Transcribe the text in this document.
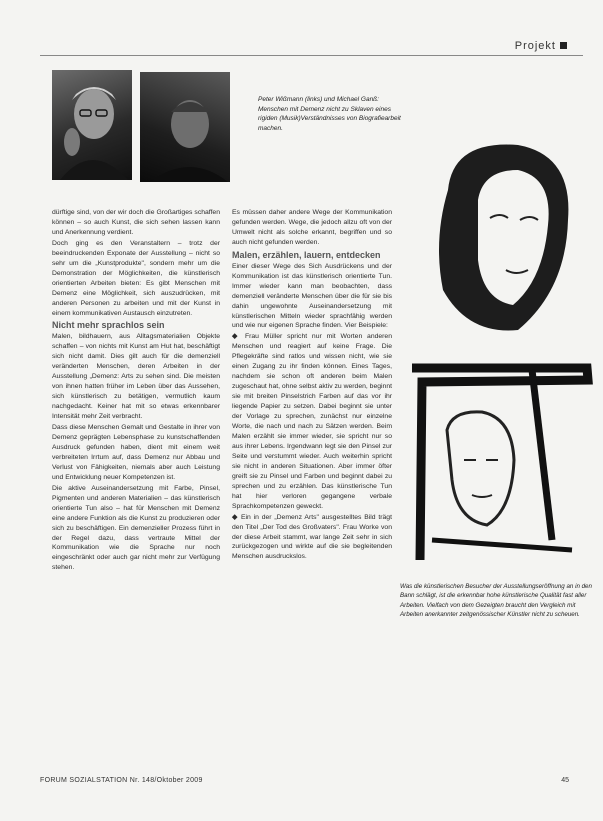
Projekt
Peter Wißmann (links) und Michael Ganß: Menschen mit Demenz nicht zu Sklaven eines rigiden (Musik)Verständnisses von Biografiearbeit machen.

dürftige sind, von der wir doch die Großartiges schaffen können – so auch Kunst, die sich sehen lassen kann und Anerkennung verdient.

Doch ging es den Veranstaltern – trotz der beeindruckenden Exponate der Ausstellung – nicht so sehr um die „Kunstprodukte", sondern mehr um die Demonstration der Möglichkeiten, die künstlerisch orientierten Arbeiten bieten: Es gibt Menschen mit Demenz eine Möglichkeit, sich auszudrücken, mit anderen Personen zu arbeiten und mit der Kunst in einem kommunikativen Austausch einzutreten.

Nicht mehr sprachlos sein

Malen, bildhauern, aus Alltagsmaterialien Objekte schaffen – von nichts mit Kunst am Hut hat, beschäftigt sich nicht damit. Dies gilt auch für die demenziell veränderten Menschen, deren Arbeiten in der Ausstellung „Demenz: Arts zu sehen sind. Die meisten von ihnen hatten früher im Leben über das Aussehen, sich künstlerisch zu betätigen, vermutlich kaum nachgedacht. Keiner hat mit so etwas erkennbarer Intensität mehr Zeit verbracht.

Dass diese Menschen Gemalt und Gestalte in ihrer von Demenz geprägten Lebensphase zu kunstschaffenden Ausdruck gefunden haben, dient mit einem weit verbreiteten Irrtum auf, dass Demenz nur Abbau und Verlust von Fähigkeiten, niemals aber auch Leistung und Entwicklung neuer Kompetenzen ist.

Die aktive Auseinandersetzung mit Farbe, Pinsel, Pigmenten und anderen Materialien – das künstlerisch orientierte Tun also – hat für Menschen mit Demenz eine andere Funktion als die Kunst zu produzieren oder sich zu beschäftigen. Ein demenzieller Prozess führt in der Regel dazu, dass vertraute Mittel der Kommunikation wie die Sprache nur noch eingeschränkt oder auch gar nicht mehr zur Verfügung stehen.

Es müssen daher andere Wege der Kommunikation gefunden werden. Wege, die jedoch allzu oft von der Umwelt nicht als solche erkannt, begriffen und so auch nicht gefunden werden.

Malen, erzählen, lauern, entdecken

Einer dieser Wege des Sich Ausdrückens und der Kommunikation ist das künstlerisch orientierte Tun. Immer wieder kann man beobachten, dass demenziell veränderte Menschen über die für sie bis dahin ungewohnte Auseinandersetzung mit künstlerischen Mitteln wieder sprachfähig werden und wie nur eigenen Sprache finden. Vier Beispiele:

◆ Frau Müller spricht nur mit Worten anderen Menschen und reagiert auf keine Frage. Die Pflegekräfte sind ratlos und wissen nicht, wie sie einen Zugang zu ihr finden können. Eines Tages, nachdem sie schon oft anderen beim Malen zugeschaut hat, ohne selbst aktiv zu werden, beginnt sie mit breiten Pinselstrich Farben auf das vor ihr liegende Papier zu setzen. Dabei beginnt sie unter der Vorlage zu sprechen, zunächst nur einzelne Worte, die nach und nach zu Sätzen werden. Beim Malen erzählt sie immer wieder, sie spricht nur so aus ihrer Lebens. Irgendwann legt sie den Pinsel zur Seite und verstummt wieder. Auch weiterhin spricht sie nicht in anderen Situationen. Aber immer öfter greift sie zu Pinsel und Farben und beginnt dabei zu sprechen und zu erzählen. Das künstlerische Tun hat hier verloren gegangene verbale Sprachkompetenzen geweckt.

◆ Ein in der „Demenz Arts" ausgestelltes Bild trägt den Titel „Der Tod des Großvaters". Frau Worke von der diese Arbeit stammt, war lange Zeit sehr in sich zurückgezogen und wirkte auf die sie begleitenden Menschen ausdruckslos.

Was die künstlerischen Besucher der Ausstellungseröffnung an in den Bann schlägt, ist die erkennbar hohe künstlerische Qualität fast aller Arbeiten. Vielfach von dem Gezeigten braucht den Vergleich mit Arbeiten anerkannter zeitgenössischer Künstler nicht zu scheuen.
FORUM SOZIALSTATION Nr. 148/Oktober 2009	45
